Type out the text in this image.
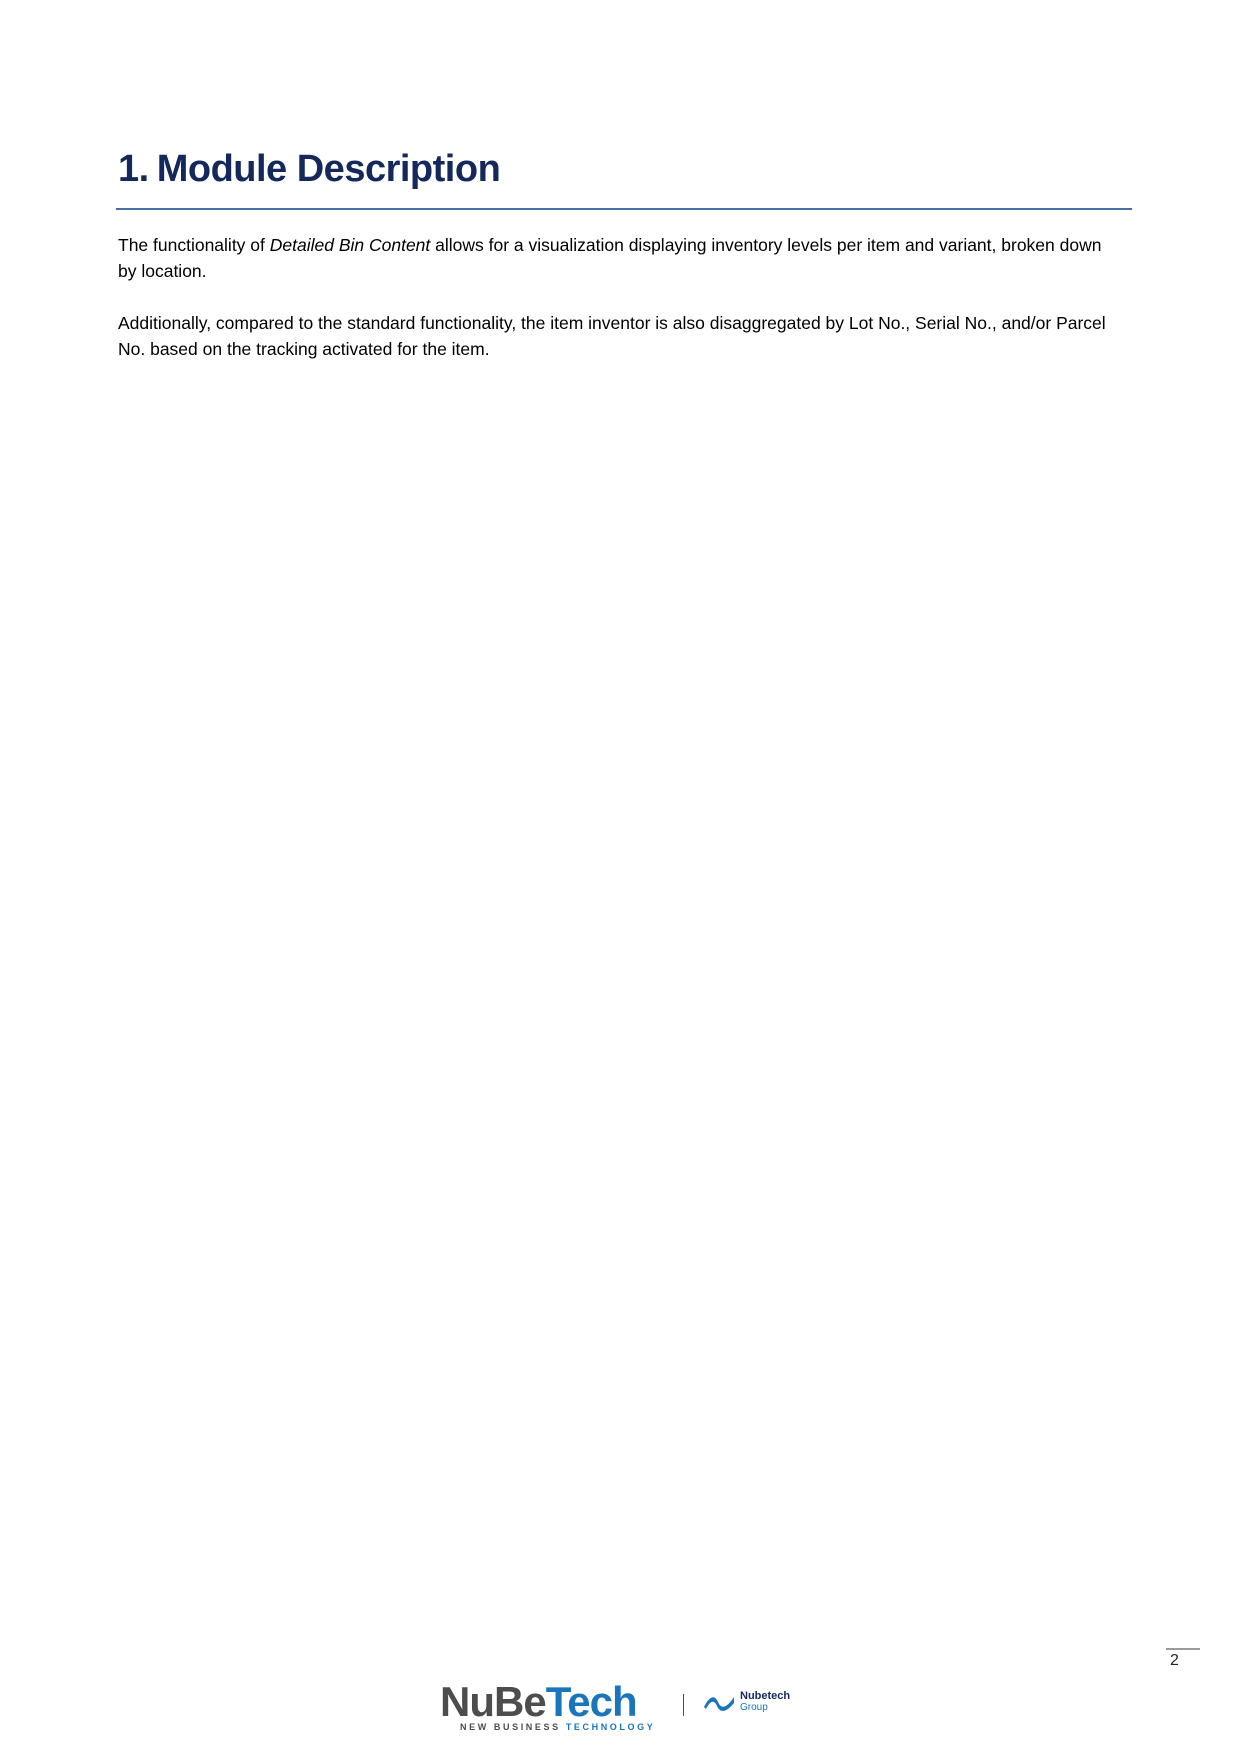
1. Module Description

The functionality of Detailed Bin Content allows for a visualization displaying inventory levels per item and variant, broken down by location.

Additionally, compared to the standard functionality, the item inventor is also disaggregated by Lot No., Serial No., and/or Parcel No. based on the tracking activated for the item.

2
NuBeTech
NEW BUSINESS TECHNOLOGY
Nubetech
Group
